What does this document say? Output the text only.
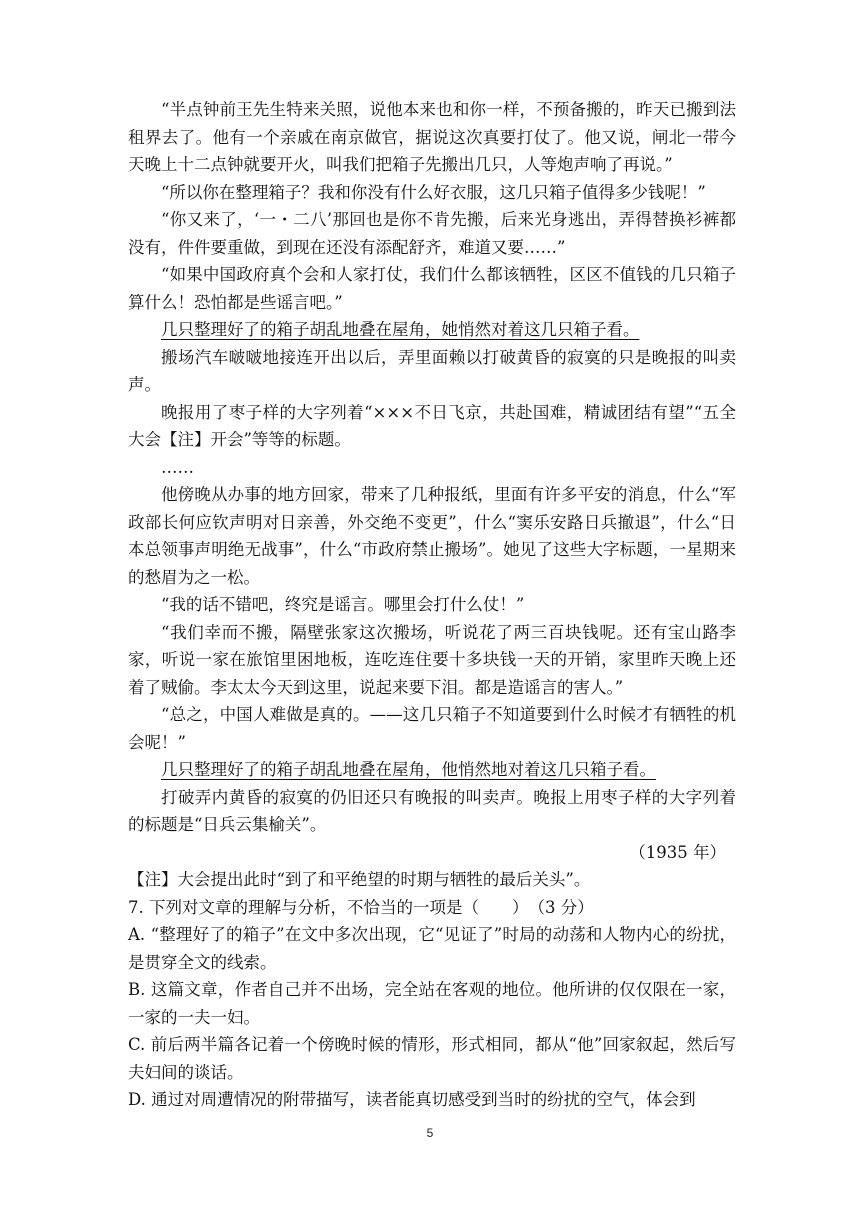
“半点钟前王先生特来关照，说他本来也和你一样，不预备搬的，昨天已搬到法租界去了。他有一个亲戚在南京做官，据说这次真要打仗了。他又说，闸北一带今天晚上十二点钟就要开火，叫我们把箱子先搬出几只，人等炮声响了再说。”

“所以你在整理箱子？我和你没有什么好衣服，这几只箱子值得多少钱呢！”

“你又来了，‘一・二八’那回也是你不肯先搬，后来光身逃出，弄得替换衫裤都没有，件件要重做，到现在还没有添配舒齐，难道又要……”

“如果中国政府真个会和人家打仗，我们什么都该牺牲，区区不值钱的几只箱子算什么！恐怕都是些谣言吧。”

几只整理好了的箱子胡乱地叠在屋角，她悄然对着这几只箱子看。

搬场汽车啵啵地接连开出以后，弄里面赖以打破黄昏的寂寞的只是晚报的叫卖声。

晚报用了枣子样的大字列着“×××不日飞京，共赴国难，精诚团结有望”“五全大会【注】开会”等等的标题。

……

他傍晚从办事的地方回家，带来了几种报纸，里面有许多平安的消息，什么“军政部长何应钦声明对日亲善，外交绝不变更”，什么“窦乐安路日兵撤退”，什么“日本总领事声明绝无战事”，什么“市政府禁止搬场”。她见了这些大字标题，一星期来的愁眉为之一松。

“我的话不错吧，终究是谣言。哪里会打什么仗！”

“我们幸而不搬，隔壁张家这次搬场，听说花了两三百块钱呢。还有宝山路李家，听说一家在旅馆里困地板，连吃连住要十多块钱一天的开销，家里昨天晚上还着了贼偷。李太太今天到这里，说起来要下泪。都是造谣言的害人。”

“总之，中国人难做是真的。——这几只箱子不知道要到什么时候才有牺牲的机会呢！”

几只整理好了的箱子胡乱地叠在屋角，他悄然地对着这几只箱子看。

打破弄内黄昏的寂寞的仍旧还只有晚报的叫卖声。晚报上用枣子样的大字列着的标题是“日兵云集榆关”。

（1935 年）

【注】大会提出此时“到了和平绝望的时期与牺牲的最后关头”。

7. 下列对文章的理解与分析，不恰当的一项是（　　）　（3 分）

A. “整理好了的箱子”在文中多次出现，它“见证了”时局的动荡和人物内心的纷扰，是贯穿全文的线索。

B. 这篇文章，作者自己并不出场，完全站在客观的地位。他所讲的仅仅限在一家，一家的一夫一妇。

C. 前后两半篇各记着一个傍晚时候的情形，形式相同，都从“他”回家叙起，然后写夫妇间的谈话。

D. 通过对周遭情况的附带描写，读者能真切感受到当时的纷扰的空气，体会到

5
